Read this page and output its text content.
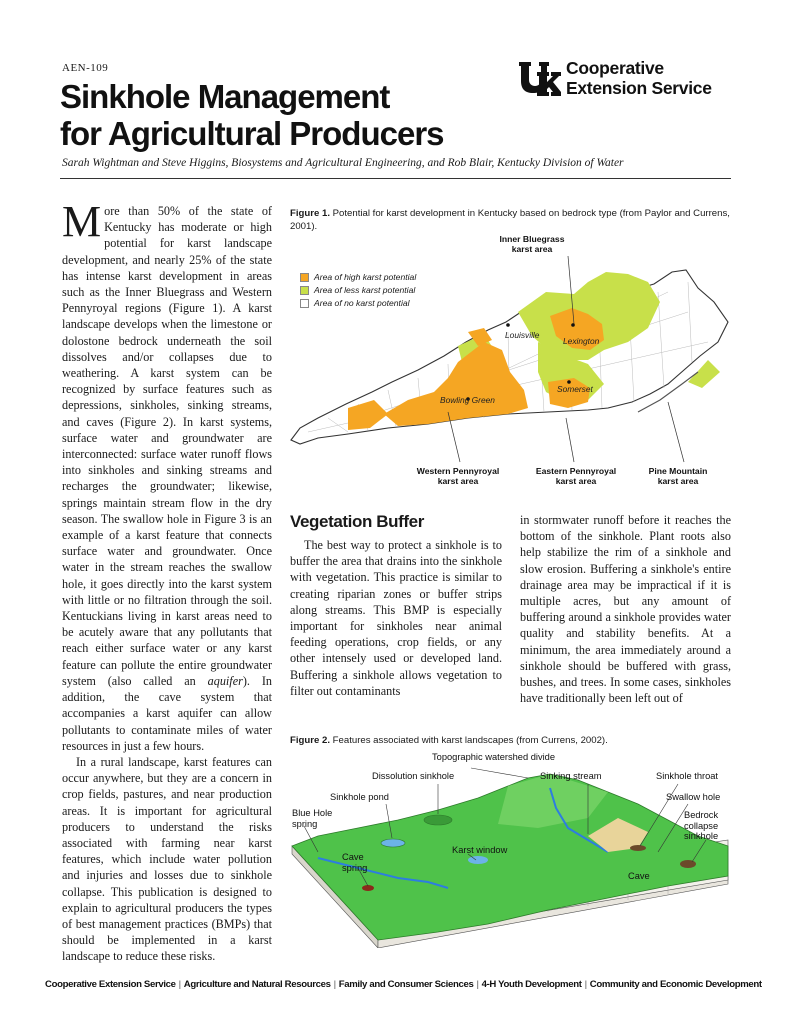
AEN-109
Sinkhole Management
for Agricultural Producers
Sarah Wightman and Steve Higgins, Biosystems and Agricultural Engineering, and Rob Blair, Kentucky Division of Water
Cooperative
Extension Service

More than 50% of the state of Kentucky has moderate or high potential for karst landscape development, and nearly 25% of the state has intense karst development in areas such as the Inner Bluegrass and Western Pennyroyal regions (Figure 1). A karst landscape develops when the limestone or dolostone bedrock underneath the soil dissolves and/or collapses due to weathering. A karst system can be recognized by surface features such as depressions, sinkholes, sinking streams, and caves (Figure 2). In karst systems, surface water and groundwater are interconnected: surface water runoff flows into sinkholes and sinking streams and recharges the groundwater; likewise, springs maintain stream flow in the dry season. The swallow hole in Figure 3 is an example of a karst feature that connects surface water and groundwater. Once water in the stream reaches the swallow hole, it goes directly into the karst system with little or no filtration through the soil. Kentuckians living in karst areas need to be acutely aware that any pollutants that reach either surface water or any karst feature can pollute the entire groundwater system (also called an aquifer). In addition, the cave system that accompanies a karst aquifer can allow pollutants to contaminate miles of water resources in just a few hours.

In a rural landscape, karst features can occur anywhere, but they are a concern in crop fields, pastures, and near production areas. It is important for agricultural producers to understand the risks associated with farming near karst features, which include water pollution and injuries and losses due to sinkhole collapse. This publication is designed to explain to agricultural producers the types of best management practices (BMPs) that should be implemented in a karst landscape to reduce these risks.

Figure 1. Potential for karst development in Kentucky based on bedrock type (from Paylor and Currens, 2001).
Area of high karst potential
Area of less karst potential
Area of no karst potential
Inner Bluegrass karst area
Western Pennyroyal karst area
Eastern Pennyroyal karst area
Pine Mountain karst area
Louisville
Lexington
Somerset
Bowling Green
Vegetation Buffer

The best way to protect a sinkhole is to buffer the area that drains into the sinkhole with vegetation. This practice is similar to creating riparian zones or buffer strips along streams. This BMP is especially important for sinkholes near animal feeding operations, crop fields, or any other intensely used or developed land. Buffering a sinkhole allows vegetation to filter out contaminants

in stormwater runoff before it reaches the bottom of the sinkhole. Plant roots also help stabilize the rim of a sinkhole and slow erosion. Buffering a sinkhole's entire drainage area may be impractical if it is multiple acres, but any amount of buffering around a sinkhole provides water quality and stability benefits. At a minimum, the area immediately around a sinkhole should be buffered with grass, bushes, and trees. In some cases, sinkholes have traditionally been left out of

Figure 2. Features associated with karst landscapes (from Currens, 2002).
Topographic watershed divide
Dissolution sinkhole	Sinking stream	Sinkhole throat
Sinkhole pond	Swallow hole
Blue Hole spring
Bedrock collapse sinkhole
Karst window
Cave spring
Cave
Cooperative Extension Service | Agriculture and Natural Resources | Family and Consumer Sciences | 4-H Youth Development | Community and Economic Development
